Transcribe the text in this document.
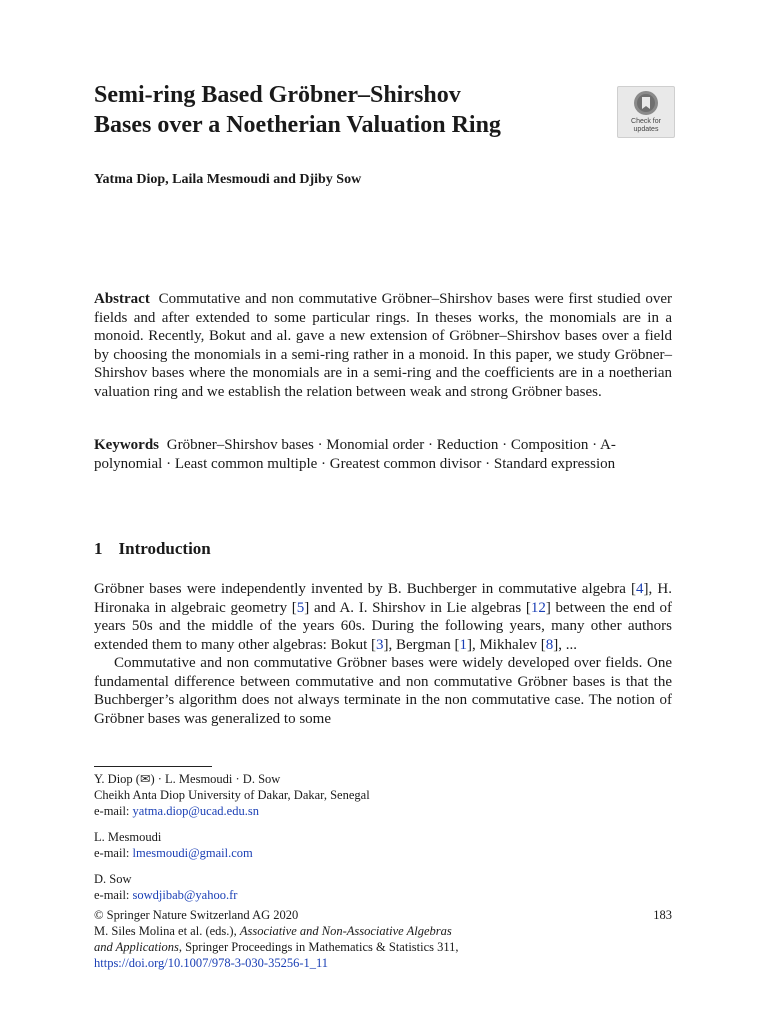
Semi-ring Based Gröbner–Shirshov
Bases over a Noetherian Valuation Ring	Check for
updates
Yatma Diop, Laila Mesmoudi and Djiby Sow

Abstract Commutative and non commutative Gröbner–Shirshov bases were first studied over fields and after extended to some particular rings. In theses works, the monomials are in a monoid. Recently, Bokut and al. gave a new extension of Gröbner–Shirshov bases over a field by choosing the monomials in a semi-ring rather in a monoid. In this paper, we study Gröbner–Shirshov bases where the monomials are in a semi-ring and the coefficients are in a noetherian valuation ring and we establish the relation between weak and strong Gröbner bases.

Keywords Gröbner–Shirshov bases · Monomial order · Reduction · Composition · A-polynomial · Least common multiple · Greatest common divisor · Standard expression

1 Introduction

Gröbner bases were independently invented by B. Buchberger in commutative algebra [4], H. Hironaka in algebraic geometry [5] and A. I. Shirshov in Lie algebras [12] between the end of years 50s and the middle of the years 60s. During the following years, many other authors extended them to many other algebras: Bokut [3], Bergman [1], Mikhalev [8], ...

Commutative and non commutative Gröbner bases were widely developed over fields. One fundamental difference between commutative and non commutative Gröbner bases is that the Buchberger’s algorithm does not always terminate in the non commutative case. The notion of Gröbner bases was generalized to some

Y. Diop (✉) · L. Mesmoudi · D. Sow
Cheikh Anta Diop University of Dakar, Dakar, Senegal
e-mail: yatma.diop@ucad.edu.sn
L. Mesmoudi
e-mail: lmesmoudi@gmail.com
D. Sow
e-mail: sowdjibab@yahoo.fr
183
© Springer Nature Switzerland AG 2020
M. Siles Molina et al. (eds.), Associative and Non-Associative Algebras
and Applications, Springer Proceedings in Mathematics & Statistics 311,
https://doi.org/10.1007/978-3-030-35256-1_11
